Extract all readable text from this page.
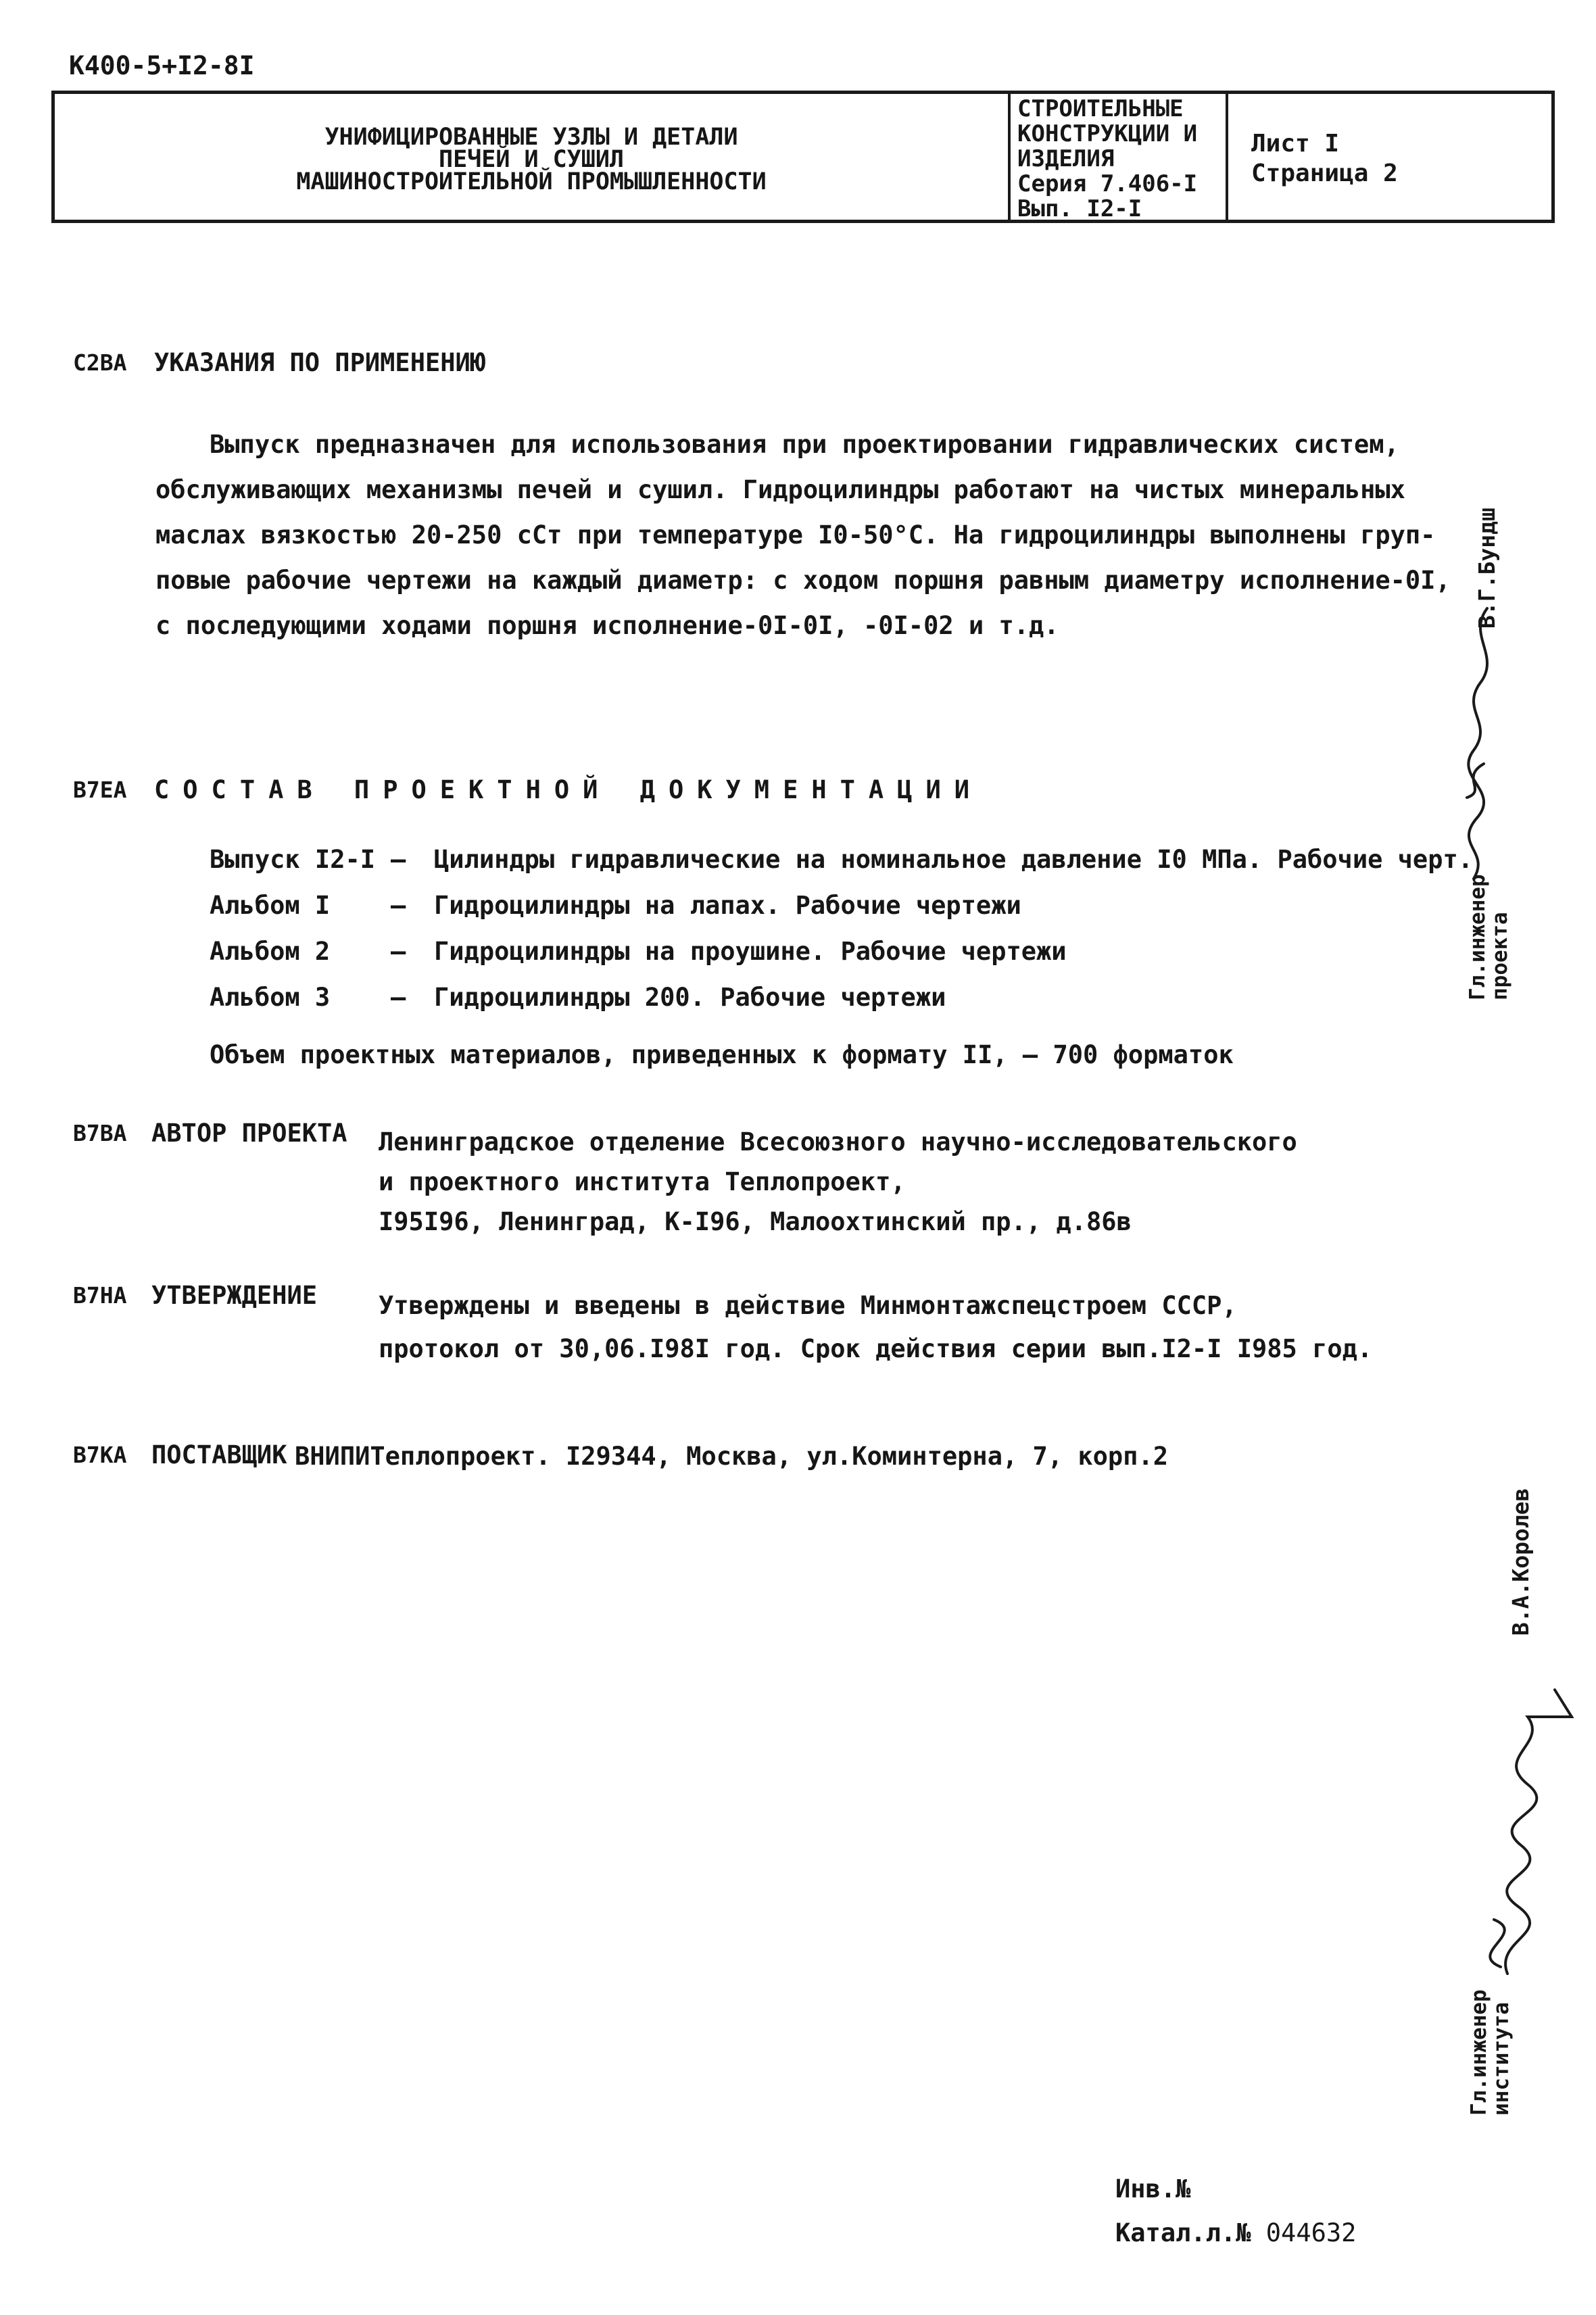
К400-5+I2-8I
УНИФИЦИРОВАННЫЕ УЗЛЫ И ДЕТАЛИ
ПЕЧЕЙ И СУШИЛ
МАШИНОСТРОИТЕЛЬНОЙ ПРОМЫШЛЕННОСТИ
СТРОИТЕЛЬНЫЕ
КОНСТРУКЦИИ И
ИЗДЕЛИЯ
Серия 7.406-I
Вып. I2-I
Лист I
Страница 2
С2ВА УКАЗАНИЯ ПО ПРИМЕНЕНИЮ
Выпуск предназначен для использования при проектировании гидравлических систем,
обслуживающих механизмы печей и сушил. Гидроцилиндры работают на чистых минеральных
маслах вязкостью 20-250 сСт при температуре I0-50°С. На гидроцилиндры выполнены груп-
повые рабочие чертежи на каждый диаметр: с ходом поршня равным диаметру исполнение-0I,
с последующими ходами поршня исполнение-0I-0I, -0I-02 и т.д.
В7ЕА СОСТАВ ПРОЕКТНОЙ ДОКУМЕНТАЦИИ
Выпуск I2-I –	Цилиндры гидравлические на номинальное давление I0 МПа. Рабочие черт.
Альбом I	–	Гидроцилиндры на лапах. Рабочие чертежи
Альбом 2	–	Гидроцилиндры на проушине. Рабочие чертежи
Альбом 3	–	Гидроцилиндры 200. Рабочие чертежи
Объем проектных материалов, приведенных к формату II, – 700 форматок
В7ВА АВТОР ПРОЕКТА Ленинградское отделение Всесоюзного научно-исследовательского
и проектного института Теплопроект,
I95I96, Ленинград, К-I96, Малоохтинский пр., д.86в
В7НА УТВЕРЖДЕНИЕ Утверждены и введены в действие Минмонтажспецстроем СССР,
протокол от 30,06.I98I год. Срок действия серии вып.I2-I I985 год.
В7КА ПОСТАВЩИК ВНИПИТеплопроект. I29344, Москва, ул.Коминтерна, 7, корп.2
Гл.инженер
проекта
В.Г.Бундш
Гл.инженер
института
В.А.Королев
Инв.№
Катал.л.№ 044632
